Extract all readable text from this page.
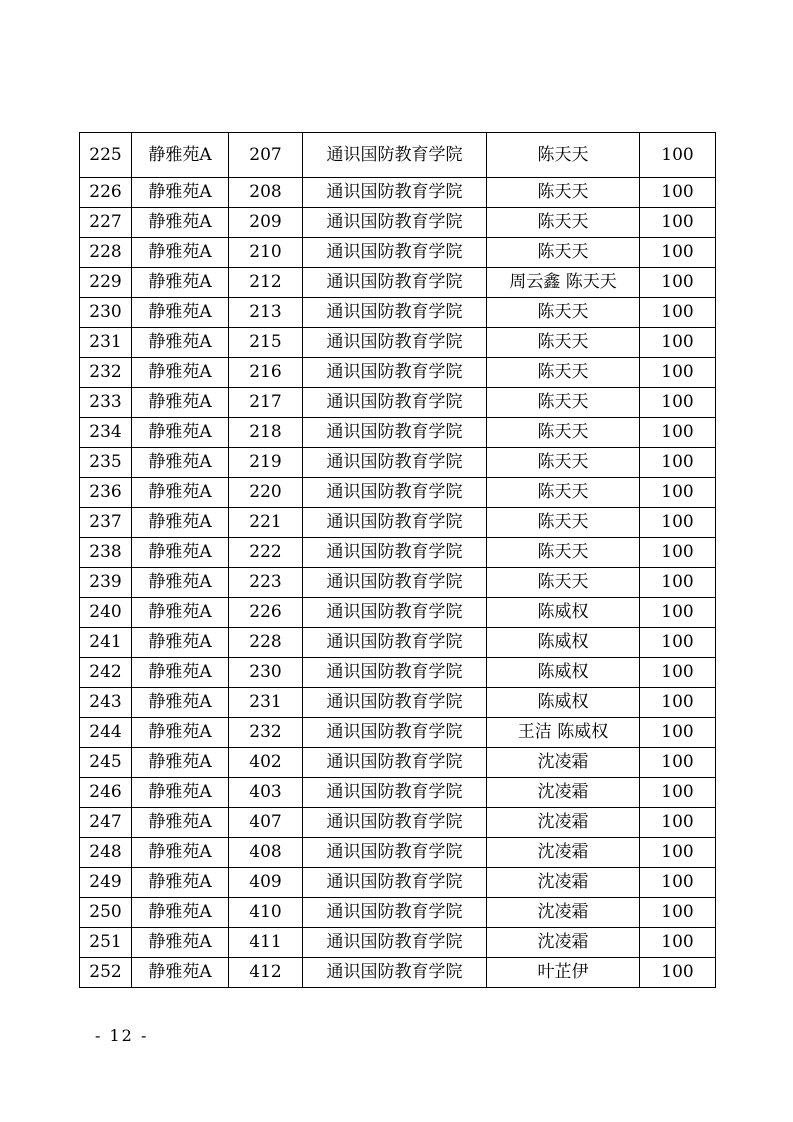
225	静雅苑A	207	通识国防教育学院	陈天天	100
226	静雅苑A	208	通识国防教育学院	陈天天	100
227	静雅苑A	209	通识国防教育学院	陈天天	100
228	静雅苑A	210	通识国防教育学院	陈天天	100
229	静雅苑A	212	通识国防教育学院	周云鑫 陈天天	100
230	静雅苑A	213	通识国防教育学院	陈天天	100
231	静雅苑A	215	通识国防教育学院	陈天天	100
232	静雅苑A	216	通识国防教育学院	陈天天	100
233	静雅苑A	217	通识国防教育学院	陈天天	100
234	静雅苑A	218	通识国防教育学院	陈天天	100
235	静雅苑A	219	通识国防教育学院	陈天天	100
236	静雅苑A	220	通识国防教育学院	陈天天	100
237	静雅苑A	221	通识国防教育学院	陈天天	100
238	静雅苑A	222	通识国防教育学院	陈天天	100
239	静雅苑A	223	通识国防教育学院	陈天天	100
240	静雅苑A	226	通识国防教育学院	陈威权	100
241	静雅苑A	228	通识国防教育学院	陈威权	100
242	静雅苑A	230	通识国防教育学院	陈威权	100
243	静雅苑A	231	通识国防教育学院	陈威权	100
244	静雅苑A	232	通识国防教育学院	王洁 陈威权	100
245	静雅苑A	402	通识国防教育学院	沈凌霜	100
246	静雅苑A	403	通识国防教育学院	沈凌霜	100
247	静雅苑A	407	通识国防教育学院	沈凌霜	100
248	静雅苑A	408	通识国防教育学院	沈凌霜	100
249	静雅苑A	409	通识国防教育学院	沈凌霜	100
250	静雅苑A	410	通识国防教育学院	沈凌霜	100
251	静雅苑A	411	通识国防教育学院	沈凌霜	100
252	静雅苑A	412	通识国防教育学院	叶芷伊	100
- 12 -
